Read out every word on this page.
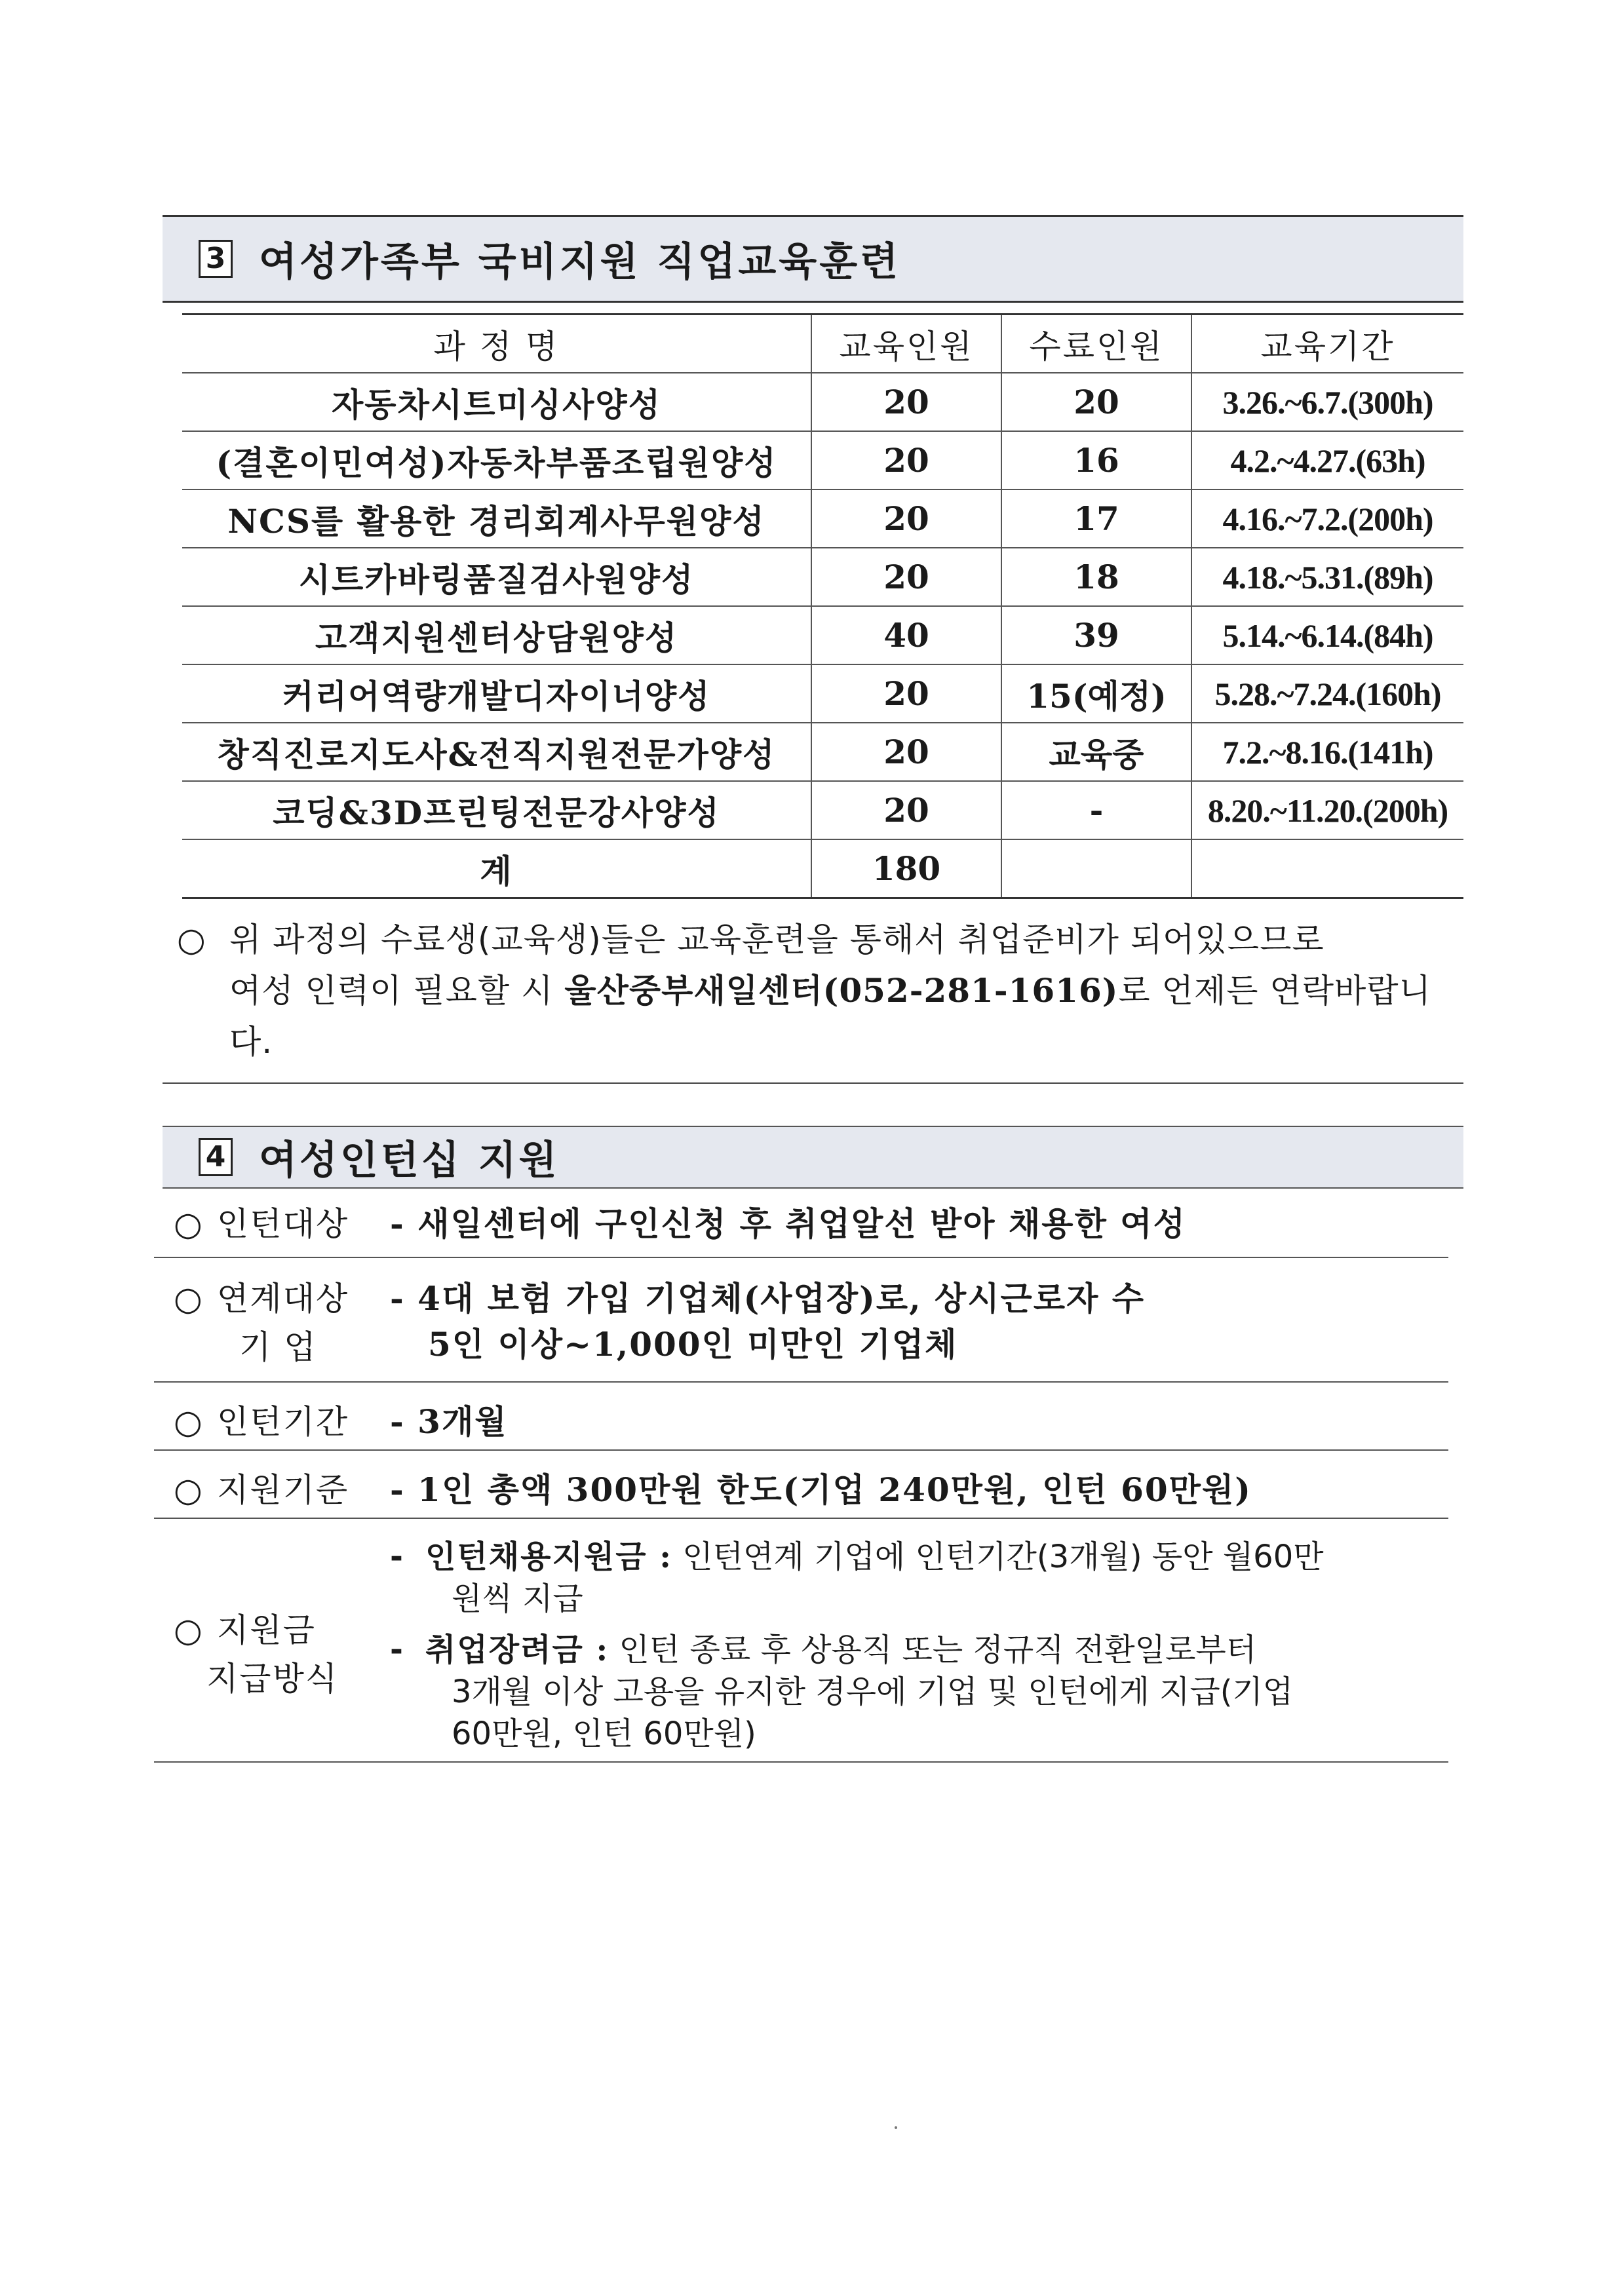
3 여성가족부 국비지원 직업교육훈련
과 정 명	교육인원	수료인원	교육기간
자동차시트미싱사양성	20	20	3.26.~6.7.(300h)
(결혼이민여성)자동차부품조립원양성	20	16	4.2.~4.27.(63h)
NCS를 활용한 경리회계사무원양성	20	17	4.16.~7.2.(200h)
시트카바링품질검사원양성	20	18	4.18.~5.31.(89h)
고객지원센터상담원양성	40	39	5.14.~6.14.(84h)
커리어역량개발디자이너양성	20	15(예정)	5.28.~7.24.(160h)
창직진로지도사&전직지원전문가양성	20	교육중	7.2.~8.16.(141h)
코딩&3D프린팅전문강사양성	20	-	8.20.~11.20.(200h)
계	180		
○ 위 과정의 수료생(교육생)들은 교육훈련을 통해서 취업준비가 되어있으므로
여성 인력이 필요할 시 울산중부새일센터(052-281-1616)로 언제든 연락바랍니다.
4 여성인턴십 지원
○ 인턴대상 - 새일센터에 구인신청 후 취업알선 받아 채용한 여성
○ 연계대상
기 업
- 4대 보험 가입 기업체(사업장)로, 상시근로자 수
5인 이상~1,000인 미만인 기업체
○ 인턴기간 - 3개월
○ 지원기준 - 1인 총액 300만원 한도(기업 240만원, 인턴 60만원)
○ 지원금
지급방식
- 인턴채용지원금 : 인턴연계 기업에 인턴기간(3개월) 동안 월60만
원씩 지급
- 취업장려금 : 인턴 종료 후 상용직 또는 정규직 전환일로부터
3개월 이상 고용을 유지한 경우에 기업 및 인턴에게 지급(기업
60만원, 인턴 60만원)
